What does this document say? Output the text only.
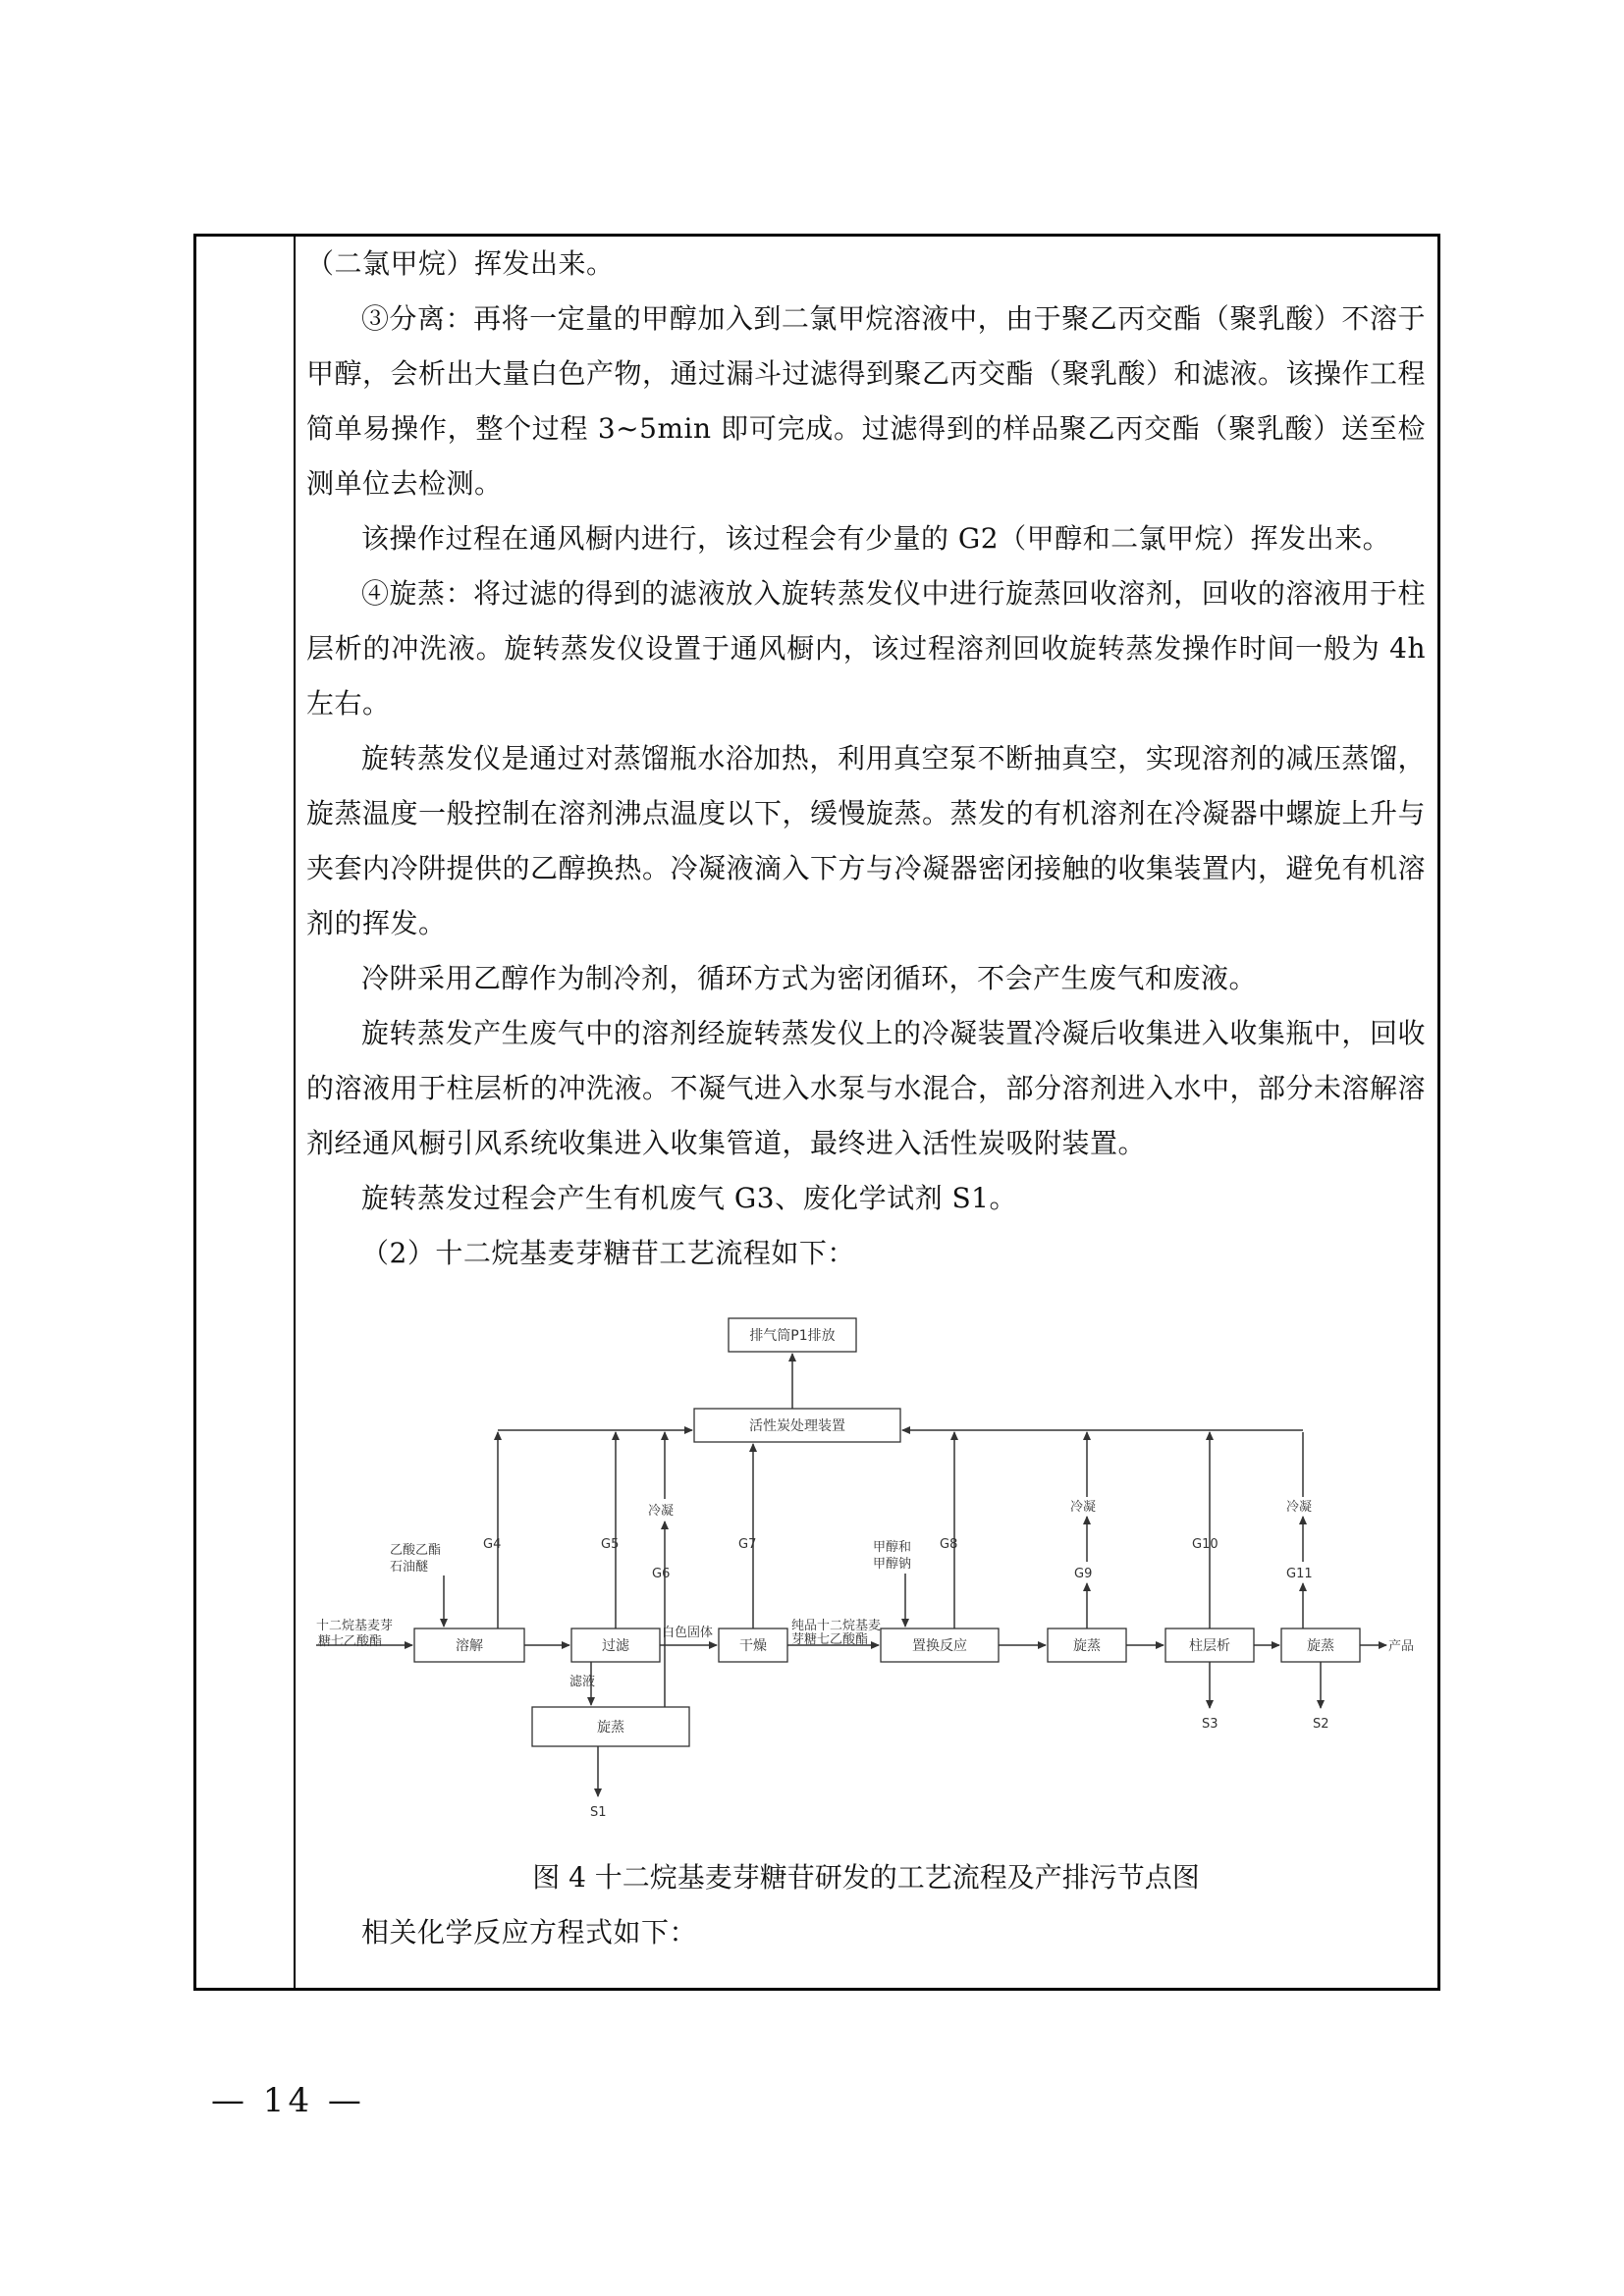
（二氯甲烷）挥发出来。

③分离：再将一定量的甲醇加入到二氯甲烷溶液中，由于聚乙丙交酯（聚乳酸）不溶于甲醇，会析出大量白色产物，通过漏斗过滤得到聚乙丙交酯（聚乳酸）和滤液。该操作工程简单易操作，整个过程 3~5min 即可完成。过滤得到的样品聚乙丙交酯（聚乳酸）送至检测单位去检测。

该操作过程在通风橱内进行，该过程会有少量的 G2（甲醇和二氯甲烷）挥发出来。

④旋蒸：将过滤的得到的滤液放入旋转蒸发仪中进行旋蒸回收溶剂，回收的溶液用于柱层析的冲洗液。旋转蒸发仪设置于通风橱内，该过程溶剂回收旋转蒸发操作时间一般为 4h 左右。

旋转蒸发仪是通过对蒸馏瓶水浴加热，利用真空泵不断抽真空，实现溶剂的减压蒸馏，旋蒸温度一般控制在溶剂沸点温度以下，缓慢旋蒸。蒸发的有机溶剂在冷凝器中螺旋上升与夹套内冷阱提供的乙醇换热。冷凝液滴入下方与冷凝器密闭接触的收集装置内，避免有机溶剂的挥发。

冷阱采用乙醇作为制冷剂，循环方式为密闭循环，不会产生废气和废液。

旋转蒸发产生废气中的溶剂经旋转蒸发仪上的冷凝装置冷凝后收集进入收集瓶中，回收的溶液用于柱层析的冲洗液。不凝气进入水泵与水混合，部分溶剂进入水中，部分未溶解溶剂经通风橱引风系统收集进入收集管道，最终进入活性炭吸附装置。

旋转蒸发过程会产生有机废气 G3、废化学试剂 S1。

（2）十二烷基麦芽糖苷工艺流程如下：

排气筒P1排放
活性炭处理装置
溶解	过滤	干燥	置换反应	旋蒸	柱层析	旋蒸
十二烷基麦芽
糖七乙酸酯
白色固体	纯品十二烷基麦
芽糖七乙酸酯	产品
乙酸乙酯
石油醚
甲醇和
甲醇钠
G4	G5
G6
冷凝
G7	G8
G9
冷凝
G10
G11
冷凝
滤液
旋蒸
S1
S3	S2

图 4 十二烷基麦芽糖苷研发的工艺流程及产排污节点图

相关化学反应方程式如下：

— 14 —
